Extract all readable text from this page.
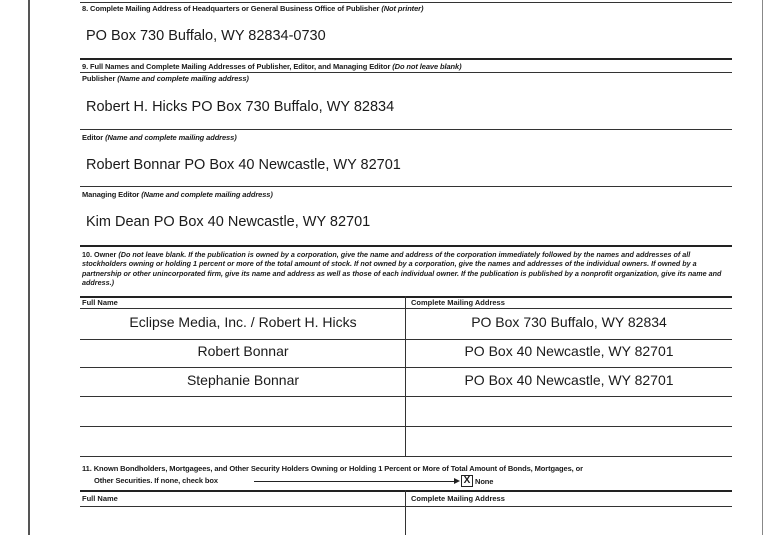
8. Complete Mailing Address of Headquarters or General Business Office of Publisher (Not printer)
PO Box 730 Buffalo, WY 82834-0730
9. Full Names and Complete Mailing Addresses of Publisher, Editor, and Managing Editor (Do not leave blank)
Publisher (Name and complete mailing address)
Robert H. Hicks PO Box 730 Buffalo, WY 82834
Editor (Name and complete mailing address)
Robert Bonnar PO Box 40 Newcastle, WY 82701
Managing Editor (Name and complete mailing address)
Kim Dean PO Box 40 Newcastle, WY 82701
10. Owner (Do not leave blank. If the publication is owned by a corporation, give the name and address of the corporation immediately followed by the names and addresses of all stockholders owning or holding 1 percent or more of the total amount of stock. If not owned by a corporation, give the names and addresses of the individual owners. If owned by a partnership or other unincorporated firm, give its name and address as well as those of each individual owner. If the publication is published by a nonprofit organization, give its name and address.)
Full Name	Complete Mailing Address
Eclipse Media, Inc. / Robert H. Hicks	PO Box 730 Buffalo, WY 82834
Robert Bonnar	PO Box 40 Newcastle, WY 82701
Stephanie Bonnar	PO Box 40 Newcastle, WY 82701
11. Known Bondholders, Mortgagees, and Other Security Holders Owning or Holding 1 Percent or More of Total Amount of Bonds, Mortgages, or
Other Securities. If none, check box	X None
Full Name	Complete Mailing Address
